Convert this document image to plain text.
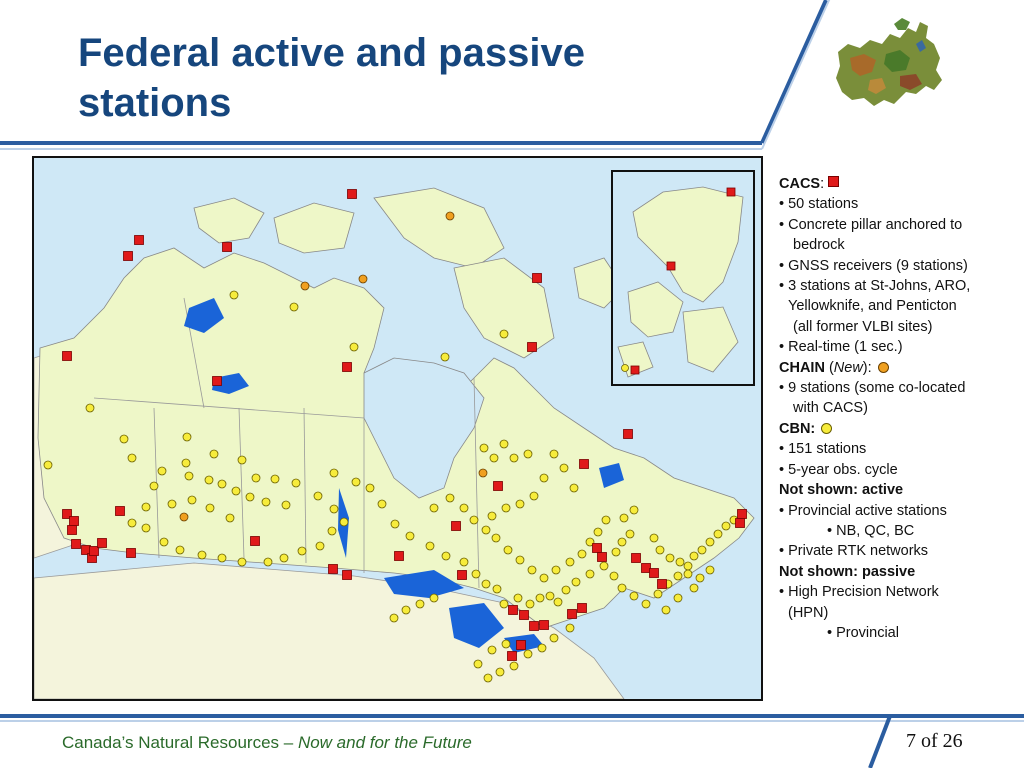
Federal active and passive
stations
CACS:
• 50 stations
• Concrete pillar anchored to
bedrock
• GNSS receivers (9 stations)
• 3 stations at St-Johns, ARO,
Yellowknife, and Penticton
(all former VLBI sites)
• Real-time (1 sec.)
CHAIN (New):
• 9 stations (some co-located
with CACS)
CBN:
• 151 stations
• 5-year obs. cycle
Not shown: active
• Provincial active stations
• NB, QC, BC
• Private RTK networks
Not shown: passive
• High Precision Network
(HPN)
• Provincial
Canada’s Natural Resources – Now and for the Future	7 of 26
